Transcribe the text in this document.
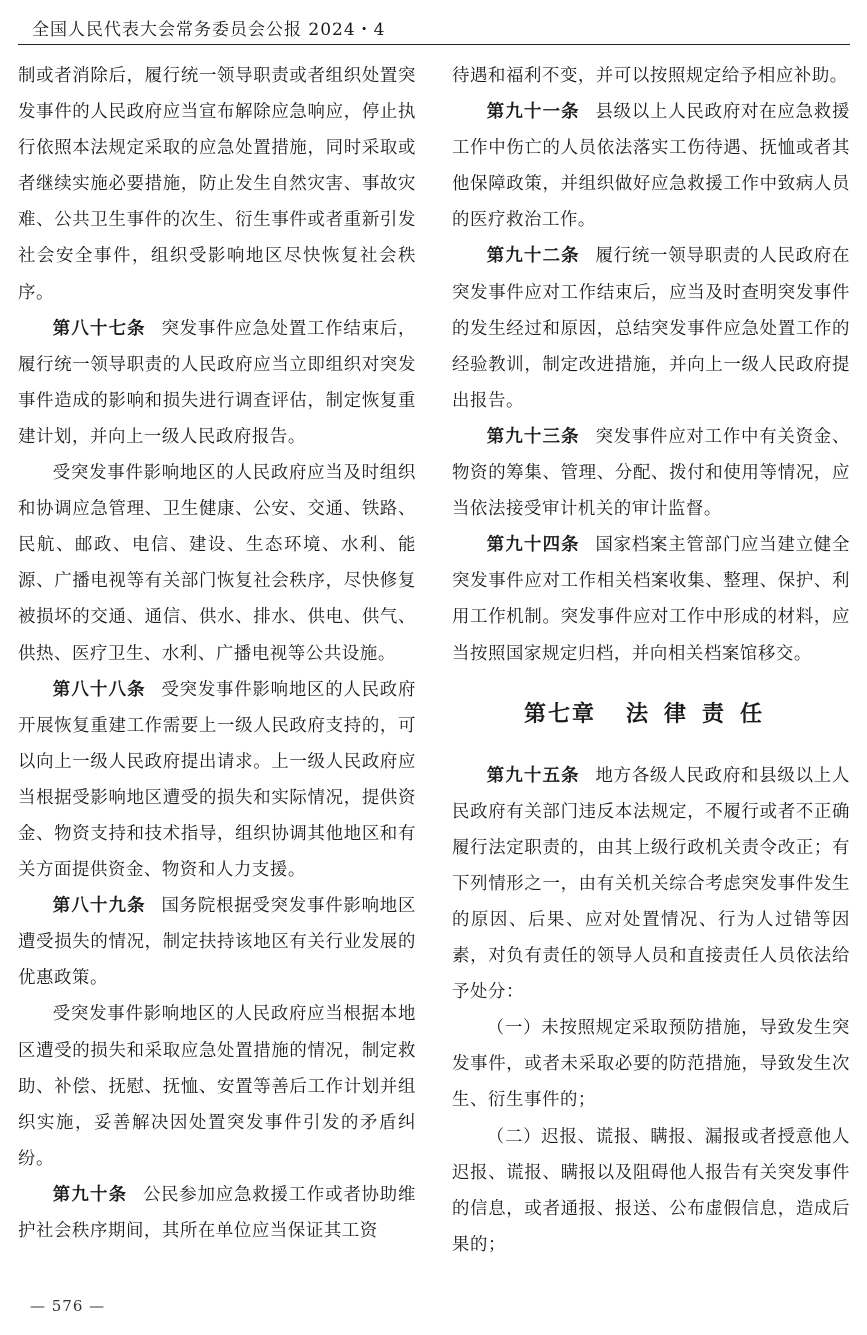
全国人民代表大会常务委员会公报 2024・4

制或者消除后，履行统一领导职责或者组织处置突发事件的人民政府应当宣布解除应急响应，停止执行依照本法规定采取的应急处置措施，同时采取或者继续实施必要措施，防止发生自然灾害、事故灾难、公共卫生事件的次生、衍生事件或者重新引发社会安全事件，组织受影响地区尽快恢复社会秩序。

第八十七条 突发事件应急处置工作结束后，履行统一领导职责的人民政府应当立即组织对突发事件造成的影响和损失进行调查评估，制定恢复重建计划，并向上一级人民政府报告。

受突发事件影响地区的人民政府应当及时组织和协调应急管理、卫生健康、公安、交通、铁路、民航、邮政、电信、建设、生态环境、水利、能源、广播电视等有关部门恢复社会秩序，尽快修复被损坏的交通、通信、供水、排水、供电、供气、供热、医疗卫生、水利、广播电视等公共设施。

第八十八条 受突发事件影响地区的人民政府开展恢复重建工作需要上一级人民政府支持的，可以向上一级人民政府提出请求。上一级人民政府应当根据受影响地区遭受的损失和实际情况，提供资金、物资支持和技术指导，组织协调其他地区和有关方面提供资金、物资和人力支援。

第八十九条 国务院根据受突发事件影响地区遭受损失的情况，制定扶持该地区有关行业发展的优惠政策。

受突发事件影响地区的人民政府应当根据本地区遭受的损失和采取应急处置措施的情况，制定救助、补偿、抚慰、抚恤、安置等善后工作计划并组织实施，妥善解决因处置突发事件引发的矛盾纠纷。

第九十条 公民参加应急救援工作或者协助维护社会秩序期间，其所在单位应当保证其工资

待遇和福利不变，并可以按照规定给予相应补助。

第九十一条 县级以上人民政府对在应急救援工作中伤亡的人员依法落实工伤待遇、抚恤或者其他保障政策，并组织做好应急救援工作中致病人员的医疗救治工作。

第九十二条 履行统一领导职责的人民政府在突发事件应对工作结束后，应当及时查明突发事件的发生经过和原因，总结突发事件应急处置工作的经验教训，制定改进措施，并向上一级人民政府提出报告。

第九十三条 突发事件应对工作中有关资金、物资的筹集、管理、分配、拨付和使用等情况，应当依法接受审计机关的审计监督。

第九十四条 国家档案主管部门应当建立健全突发事件应对工作相关档案收集、整理、保护、利用工作机制。突发事件应对工作中形成的材料，应当按照国家规定归档，并向相关档案馆移交。

第七章 法律责任

第九十五条 地方各级人民政府和县级以上人民政府有关部门违反本法规定，不履行或者不正确履行法定职责的，由其上级行政机关责令改正；有下列情形之一，由有关机关综合考虑突发事件发生的原因、后果、应对处置情况、行为人过错等因素，对负有责任的领导人员和直接责任人员依法给予处分：

（一）未按照规定采取预防措施，导致发生突发事件，或者未采取必要的防范措施，导致发生次生、衍生事件的；

（二）迟报、谎报、瞒报、漏报或者授意他人迟报、谎报、瞒报以及阻碍他人报告有关突发事件的信息，或者通报、报送、公布虚假信息，造成后果的；

— 576 —
